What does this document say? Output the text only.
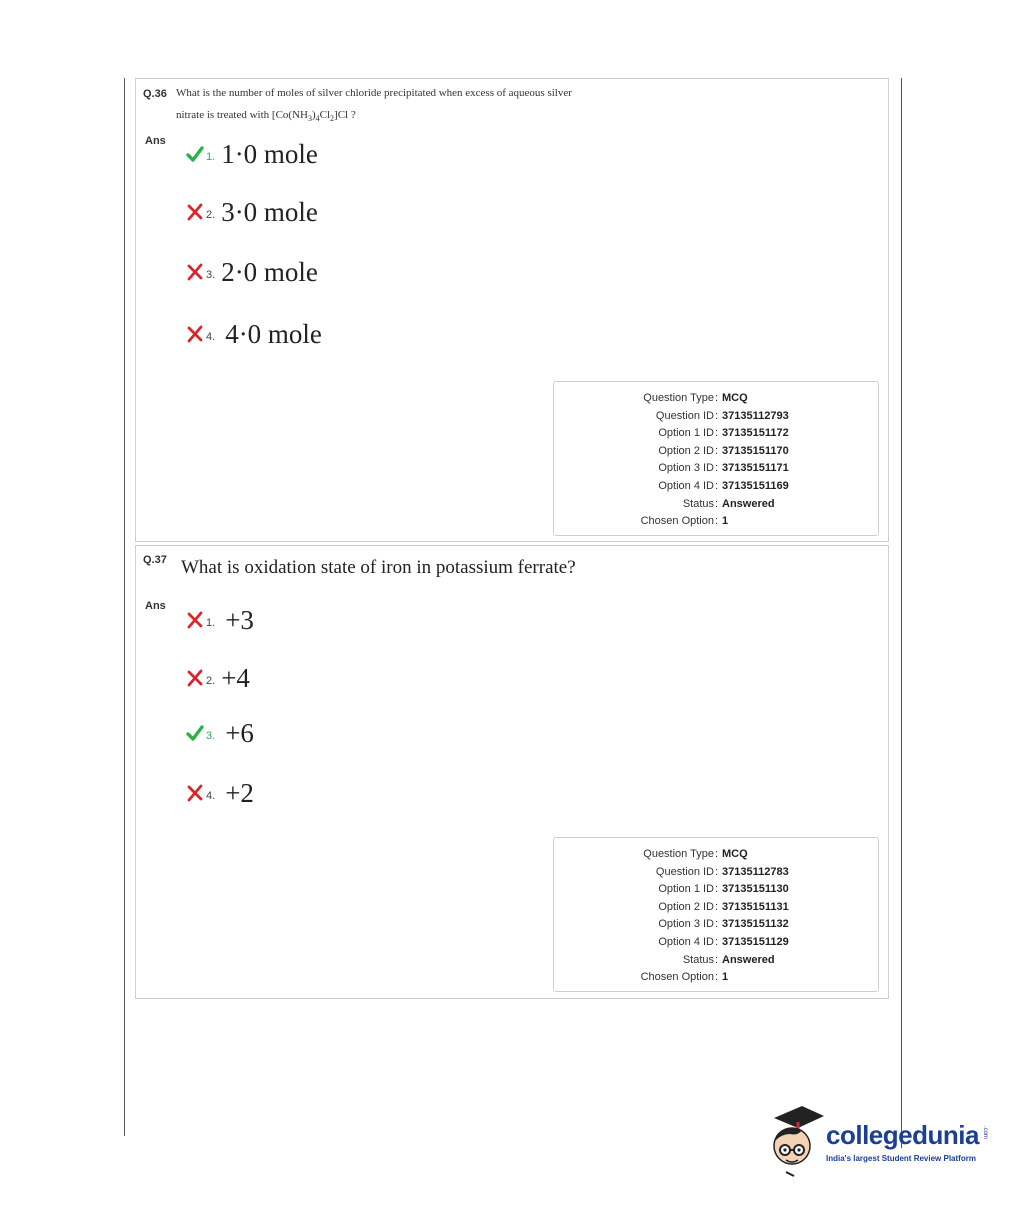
Q.36 What is the number of moles of silver chloride precipitated when excess of aqueous silver
nitrate is treated with $[Co(NH_3)_4Cl_2]Cl$ ?
Ans
1. 1·0 mole
2. 3·0 mole
3. 2·0 mole
4. 4·0 mole
Question Type : MCQ
Question ID : 37135112793
Option 1 ID : 37135151172
Option 2 ID : 37135151170
Option 3 ID : 37135151171
Option 4 ID : 37135151169
Status : Answered
Chosen Option : 1
Q.37 What is oxidation state of iron in potassium ferrate?
Ans
1. +3
2. +4
3. +6
4. +2
Question Type : MCQ
Question ID : 37135112783
Option 1 ID : 37135151130
Option 2 ID : 37135151131
Option 3 ID : 37135151132
Option 4 ID : 37135151129
Status : Answered
Chosen Option : 1
collegedunia .com
India's largest Student Review Platform
